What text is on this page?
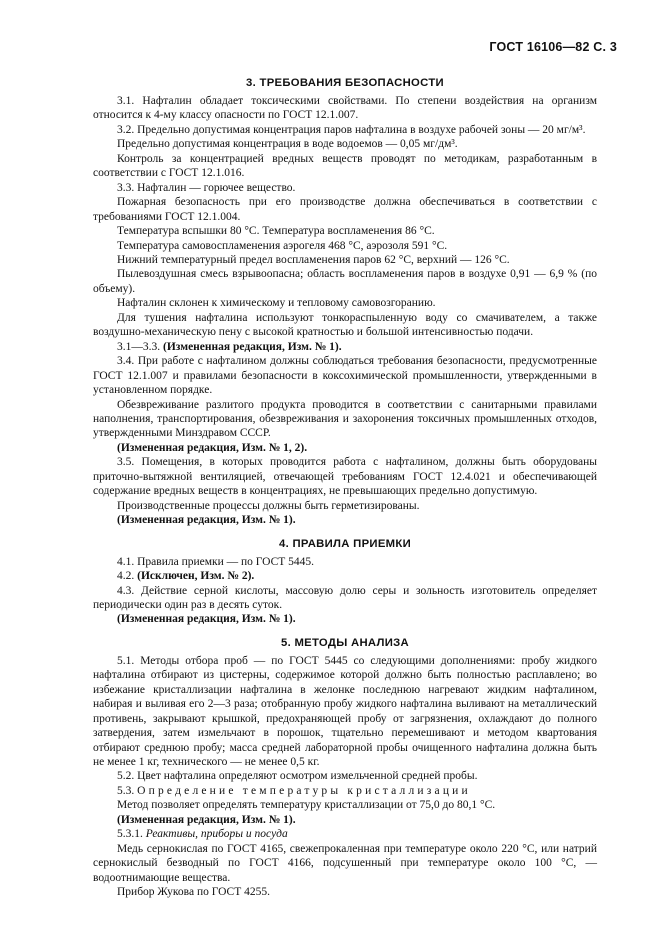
ГОСТ 16106—82 С. 3
3. ТРЕБОВАНИЯ БЕЗОПАСНОСТИ

3.1. Нафталин обладает токсическими свойствами. По степени воздействия на организм относится к 4-му классу опасности по ГОСТ 12.1.007.

3.2. Предельно допустимая концентрация паров нафталина в воздухе рабочей зоны — 20 мг/м³.

Предельно допустимая концентрация в воде водоемов — 0,05 мг/дм³.

Контроль за концентрацией вредных веществ проводят по методикам, разработанным в соответствии с ГОСТ 12.1.016.

3.3. Нафталин — горючее вещество.

Пожарная безопасность при его производстве должна обеспечиваться в соответствии с требованиями ГОСТ 12.1.004.

Температура вспышки 80 °С. Температура воспламенения 86 °С.

Температура самовоспламенения аэрогеля 468 °С, аэрозоля 591 °С.

Нижний температурный предел воспламенения паров 62 °С, верхний — 126 °С.

Пылевоздушная смесь взрывоопасна; область воспламенения паров в воздухе 0,91 — 6,9 % (по объему).

Нафталин склонен к химическому и тепловому самовозгоранию.

Для тушения нафталина используют тонкораспыленную воду со смачивателем, а также воздушно-механическую пену с высокой кратностью и большой интенсивностью подачи.

3.1—3.3. (Измененная редакция, Изм. № 1).

3.4. При работе с нафталином должны соблюдаться требования безопасности, предусмотренные ГОСТ 12.1.007 и правилами безопасности в коксохимической промышленности, утвержденными в установленном порядке.

Обезвреживание разлитого продукта проводится в соответствии с санитарными правилами наполнения, транспортирования, обезвреживания и захоронения токсичных промышленных отходов, утвержденными Минздравом СССР.

(Измененная редакция, Изм. № 1, 2).

3.5. Помещения, в которых проводится работа с нафталином, должны быть оборудованы приточно-вытяжной вентиляцией, отвечающей требованиям ГОСТ 12.4.021 и обеспечивающей содержание вредных веществ в концентрациях, не превышающих предельно допустимую.

Производственные процессы должны быть герметизированы.

(Измененная редакция, Изм. № 1).

4. ПРАВИЛА ПРИЕМКИ

4.1. Правила приемки — по ГОСТ 5445.

4.2. (Исключен, Изм. № 2).

4.3. Действие серной кислоты, массовую долю серы и зольность изготовитель определяет периодически один раз в десять суток.

(Измененная редакция, Изм. № 1).

5. МЕТОДЫ АНАЛИЗА

5.1. Методы отбора проб — по ГОСТ 5445 со следующими дополнениями: пробу жидкого нафталина отбирают из цистерны, содержимое которой должно быть полностью расплавлено; во избежание кристаллизации нафталина в желонке последнюю нагревают жидким нафталином, набирая и выливая его 2—3 раза; отобранную пробу жидкого нафталина выливают на металлический противень, закрывают крышкой, предохраняющей пробу от загрязнения, охлаждают до полного затвердения, затем измельчают в порошок, тщательно перемешивают и методом квартования отбирают среднюю пробу; масса средней лабораторной пробы очищенного нафталина должна быть не менее 1 кг, технического — не менее 0,5 кг.

5.2. Цвет нафталина определяют осмотром измельченной средней пробы.

5.3. Определение температуры кристаллизации

Метод позволяет определять температуру кристаллизации от 75,0 до 80,1 °С.

(Измененная редакция, Изм. № 1).

5.3.1. Реактивы, приборы и посуда

Медь сернокислая по ГОСТ 4165, свежепрокаленная при температуре около 220 °С, или натрий сернокислый безводный по ГОСТ 4166, подсушенный при температуре около 100 °С, — водоотнимающие вещества.

Прибор Жукова по ГОСТ 4255.
